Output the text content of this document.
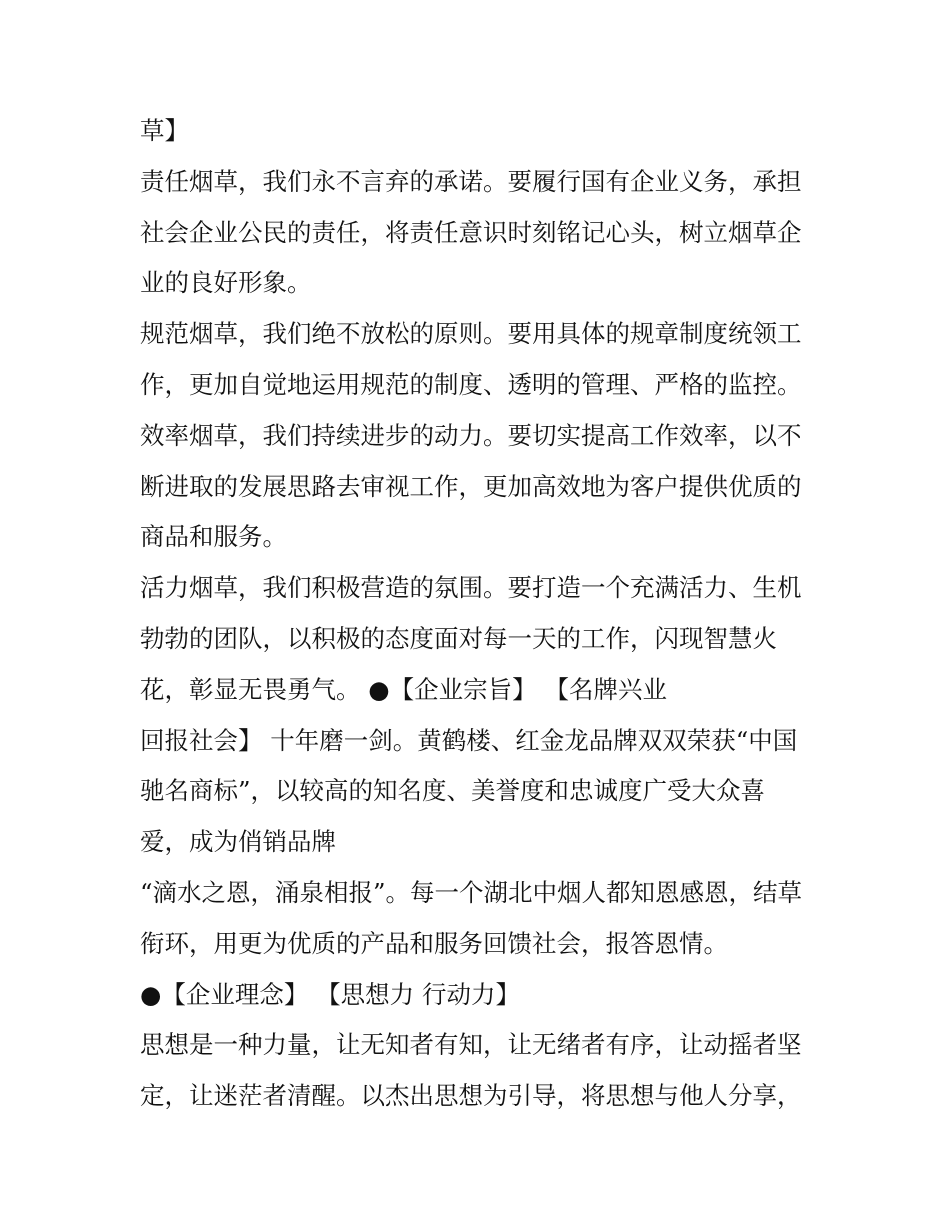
草】
责任烟草，我们永不言弃的承诺。要履行国有企业义务，承担
社会企业公民的责任，将责任意识时刻铭记心头，树立烟草企
业的良好形象。
规范烟草，我们绝不放松的原则。要用具体的规章制度统领工
作，更加自觉地运用规范的制度、透明的管理、严格的监控。
效率烟草，我们持续进步的动力。要切实提高工作效率，以不
断进取的发展思路去审视工作，更加高效地为客户提供优质的
商品和服务。
活力烟草，我们积极营造的氛围。要打造一个充满活力、生机
勃勃的团队，以积极的态度面对每一天的工作，闪现智慧火
花，彰显无畏勇气。 ●【企业宗旨】 【名牌兴业
回报社会】 十年磨一剑。黄鹤楼、红金龙品牌双双荣获“中国
驰名商标”，以较高的知名度、美誉度和忠诚度广受大众喜
爱，成为俏销品牌
“滴水之恩，涌泉相报”。每一个湖北中烟人都知恩感恩，结草
衔环，用更为优质的产品和服务回馈社会，报答恩情。
●【企业理念】 【思想力 行动力】
思想是一种力量，让无知者有知，让无绪者有序，让动摇者坚
定，让迷茫者清醒。以杰出思想为引导，将思想与他人分享，
